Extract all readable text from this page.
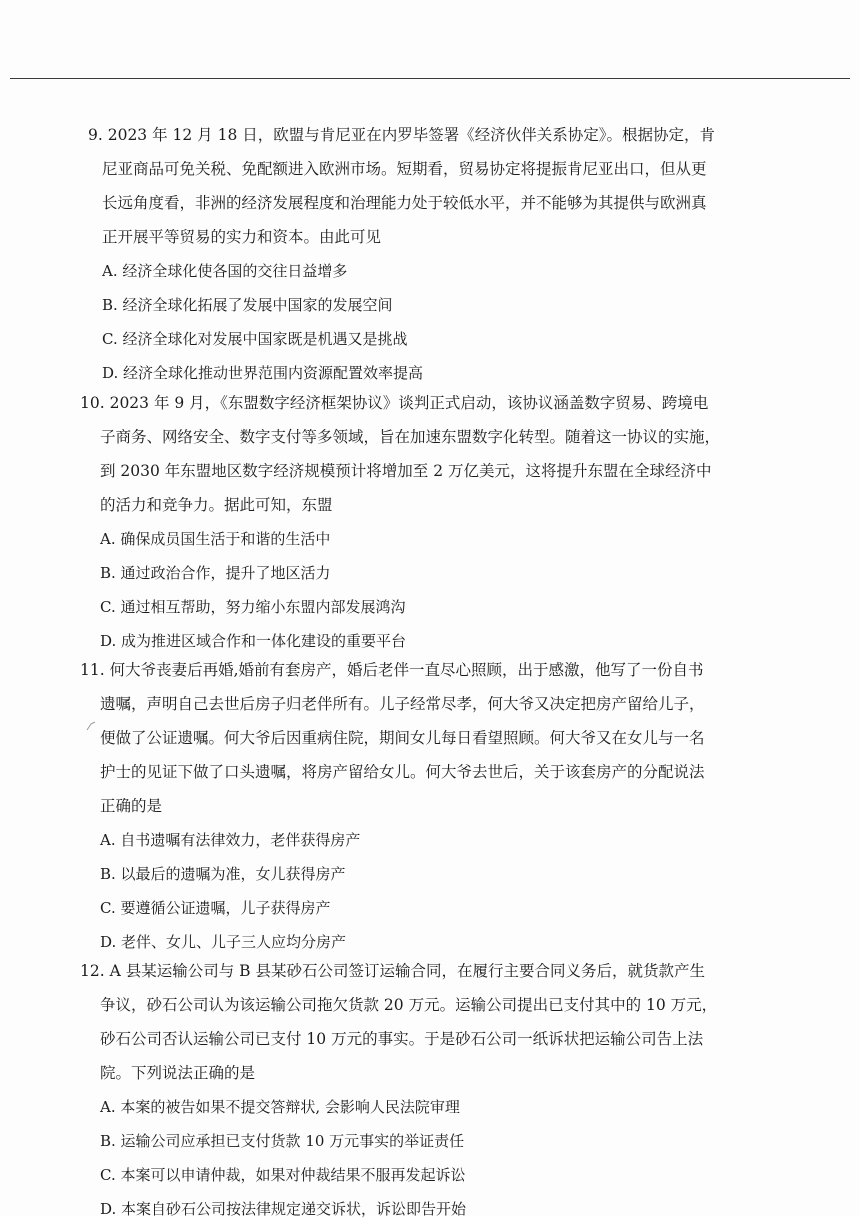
9. 2023 年 12 月 18 日，欧盟与肯尼亚在内罗毕签署《经济伙伴关系协定》。根据协定，肯
尼亚商品可免关税、免配额进入欧洲市场。短期看，贸易协定将提振肯尼亚出口，但从更
长远角度看，非洲的经济发展程度和治理能力处于较低水平，并不能够为其提供与欧洲真
正开展平等贸易的实力和资本。由此可见

A. 经济全球化使各国的交往日益增多
B. 经济全球化拓展了发展中国家的发展空间
C. 经济全球化对发展中国家既是机遇又是挑战
D. 经济全球化推动世界范围内资源配置效率提高

10. 2023 年 9 月，《东盟数字经济框架协议》谈判正式启动，该协议涵盖数字贸易、跨境电
子商务、网络安全、数字支付等多领域，旨在加速东盟数字化转型。随着这一协议的实施，
到 2030 年东盟地区数字经济规模预计将增加至 2 万亿美元，这将提升东盟在全球经济中
的活力和竞争力。据此可知，东盟

A. 确保成员国生活于和谐的生活中
B. 通过政治合作，提升了地区活力
C. 通过相互帮助，努力缩小东盟内部发展鸿沟
D. 成为推进区域合作和一体化建设的重要平台

11. 何大爷丧妻后再婚,婚前有套房产，婚后老伴一直尽心照顾，出于感激，他写了一份自书
遗嘱，声明自己去世后房子归老伴所有。儿子经常尽孝，何大爷又决定把房产留给儿子，
便做了公证遗嘱。何大爷后因重病住院，期间女儿每日看望照顾。何大爷又在女儿与一名
护士的见证下做了口头遗嘱，将房产留给女儿。何大爷去世后，关于该套房产的分配说法
正确的是

A. 自书遗嘱有法律效力，老伴获得房产
B. 以最后的遗嘱为准，女儿获得房产
C. 要遵循公证遗嘱，儿子获得房产
D. 老伴、女儿、儿子三人应均分房产

12. A 县某运输公司与 B 县某砂石公司签订运输合同，在履行主要合同义务后，就货款产生
争议，砂石公司认为该运输公司拖欠货款 20 万元。运输公司提出已支付其中的 10 万元，
砂石公司否认运输公司已支付 10 万元的事实。于是砂石公司一纸诉状把运输公司告上法
院。下列说法正确的是

A. 本案的被告如果不提交答辩状, 会影响人民法院审理
B. 运输公司应承担已支付货款 10 万元事实的举证责任
C. 本案可以申请仲裁，如果对仲裁结果不服再发起诉讼
D. 本案自砂石公司按法律规定递交诉状，诉讼即告开始
